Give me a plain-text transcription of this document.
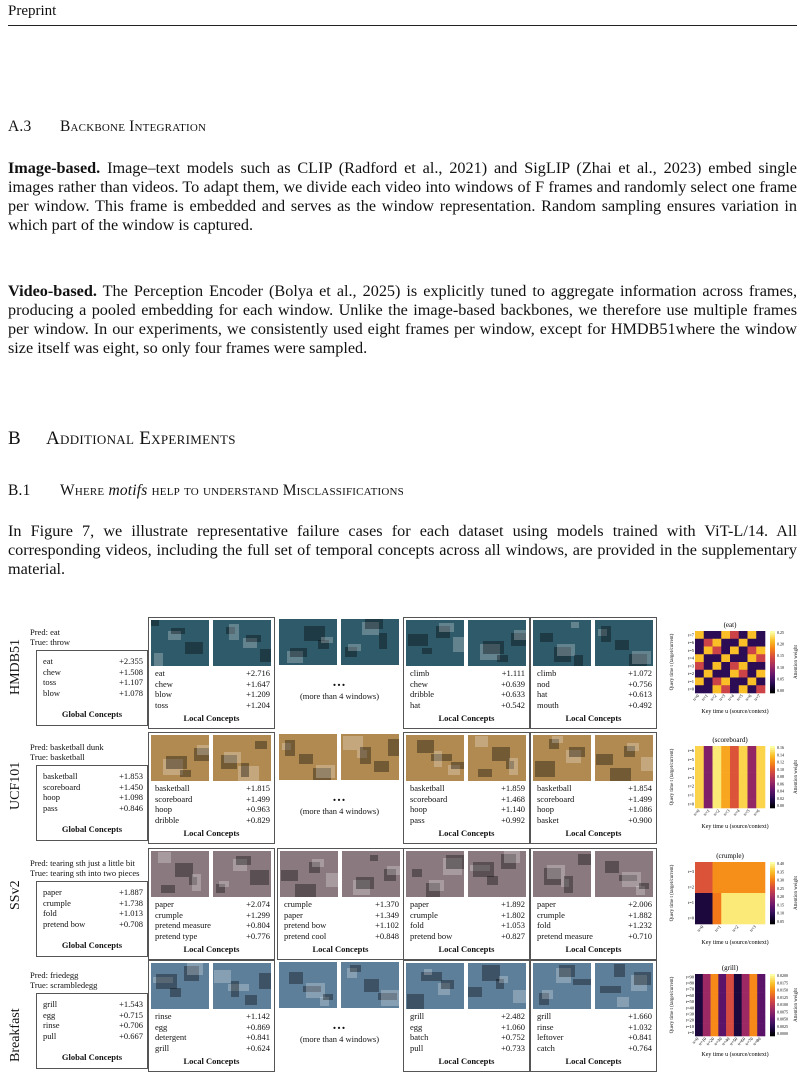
Preprint
A.3 Backbone Integration
Image-based. Image–text models such as CLIP (Radford et al., 2021) and SigLIP (Zhai et al., 2023) embed single images rather than videos. To adapt them, we divide each video into windows of F frames and randomly select one frame per window. This frame is embedded and serves as the window representation. Random sampling ensures variation in which part of the window is captured.
Video-based. The Perception Encoder (Bolya et al., 2025) is explicitly tuned to aggregate information across frames, producing a pooled embedding for each window. Unlike the image-based backbones, we therefore use multiple frames per window. In our experiments, we consistently used eight frames per window, except for HMDB51where the window size itself was eight, so only four frames were sampled.
B Additional Experiments
B.1 Where motifs help to understand Misclassifications
In Figure 7, we illustrate representative failure cases for each dataset using models trained with ViT-L/14. All corresponding videos, including the full set of temporal concepts across all windows, are provided in the supplementary material.
HMDB51
Pred: eat
True: throw
eat	+2.355
chew	+1.508
toss	+1.107
blow	+1.078
Global Concepts
eat	+2.716
chew	+1.647
blow	+1.209
toss	+1.204
Local Concepts
...
(more than 4 windows)
climb	+1.111
chew	+0.639
dribble	+0.633
hat	+0.542
Local Concepts
climb	+1.072
nod	+0.756
hat	+0.613
mouth	+0.492
Local Concepts
(eat)
t=7
t=6
t=5
t=4
t=3
t=2
t=1
t=0
u=0 u=1 u=2 u=3 u=4 u=5 u=6 u=7
Key time u (source/context)
Query time t (target/current)
0.25
0.20
0.15
0.10
0.05
0.00
Attention weight
UCF101
Pred: basketball dunk
True: basketball
basketball	+1.853
scoreboard	+1.450
hoop	+1.098
pass	+0.846
Global Concepts
basketball	+1.815
scoreboard	+1.499
hoop	+0.963
dribble	+0.829
Local Concepts
...
(more than 4 windows)
basketball	+1.859
scoreboard	+1.468
hoop	+1.140
pass	+0.992
Local Concepts
basketball	+1.854
scoreboard	+1.499
hoop	+1.086
basket	+0.900
Local Concepts
(scoreboard)
t=6
t=5
t=4
t=3
t=2
t=1
t=0
u=0 u=1 u=2 u=3 u=4 u=5 u=6
Key time u (source/context)
Query time t (target/current)
0.16
0.14
0.12
0.10
0.08
0.06
0.04
0.02
0.00
Attention weight
SSv2
Pred: tearing sth just a little bit
True: tearing sth into two pieces
paper	+1.887
crumple	+1.738
fold	+1.013
pretend bow	+0.708
Global Concepts
paper	+2.074
crumple	+1.299
pretend measure	+0.804
pretend type	+0.776
Local Concepts
crumple	+1.370
paper	+1.349
pretend bow	+1.102
pretend cool	+0.848
Local Concepts
paper	+1.892
crumple	+1.802
fold	+1.053
pretend bow	+0.827
Local Concepts
paper	+2.006
crumple	+1.882
fold	+1.232
pretend measure	+0.710
Local Concepts
(crumple)
t=3
t=2
t=1
t=0
u=0 u=1 u=2 u=3
Key time u (source/context)
Query time t (target/current)
0.40
0.35
0.30
0.25
0.20
0.15
0.10
0.05
Attention weight
Breakfast
Pred: friedegg
True: scrambledegg
grill	+1.543
egg	+0.715
rinse	+0.706
pull	+0.667
Global Concepts
rinse	+1.142
egg	+0.869
detergent	+0.841
grill	+0.624
Local Concepts
...
(more than 4 windows)
grill	+2.482
egg	+1.060
batch	+0.752
pull	+0.733
Local Concepts
grill	+1.660
rinse	+1.032
leftover	+0.841
catch	+0.764
Local Concepts
(grill)
t=90
t=80
t=70
t=60
t=50
t=40
t=30
t=20
t=10
t=0
u=0
u=10
u=20
u=30
u=40
u=50
u=60
u=70
u=80
Key time u (source/context)
Query time t (target/current)
0.0200
0.0175
0.0150
0.0125
0.0100
0.0075
0.0050
0.0025
0.0000
Attention weight
